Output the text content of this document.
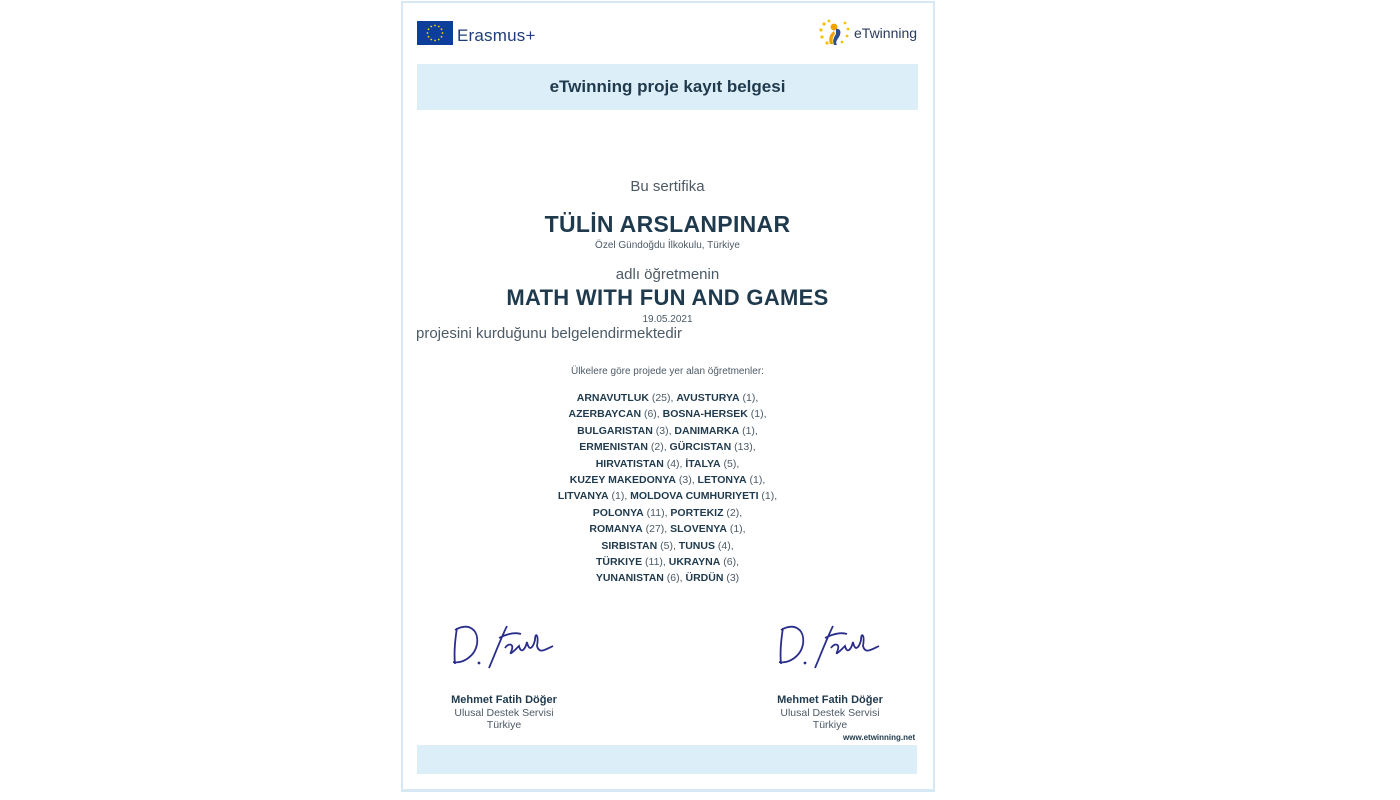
Erasmus+	eTwinning
eTwinning proje kayıt belgesi
Bu sertifika
TÜLİN ARSLANPINAR
Özel Gündoğdu İlkokulu, Türkiye
adlı öğretmenin
MATH WITH FUN AND GAMES
19.05.2021
projesini kurduğunu belgelendirmektedir
Ülkelere göre projede yer alan öğretmenler:
ARNAVUTLUK (25), AVUSTURYA (1),
AZERBAYCAN (6), BOSNA-HERSEK (1),
BULGARISTAN (3), DANIMARKA (1),
ERMENISTAN (2), GÜRCISTAN (13),
HIRVATISTAN (4), İTALYA (5),
KUZEY MAKEDONYA (3), LETONYA (1),
LITVANYA (1), MOLDOVA CUMHURIYETI (1),
POLONYA (11), PORTEKIZ (2),
ROMANYA (27), SLOVENYA (1),
SIRBISTAN (5), TUNUS (4),
TÜRKIYE (11), UKRAYNA (6),
YUNANISTAN (6), ÜRDÜN (3)
Mehmet Fatih Döğer
Ulusal Destek Servisi
Türkiye
Mehmet Fatih Döğer
Ulusal Destek Servisi
Türkiye
www.etwinning.net
